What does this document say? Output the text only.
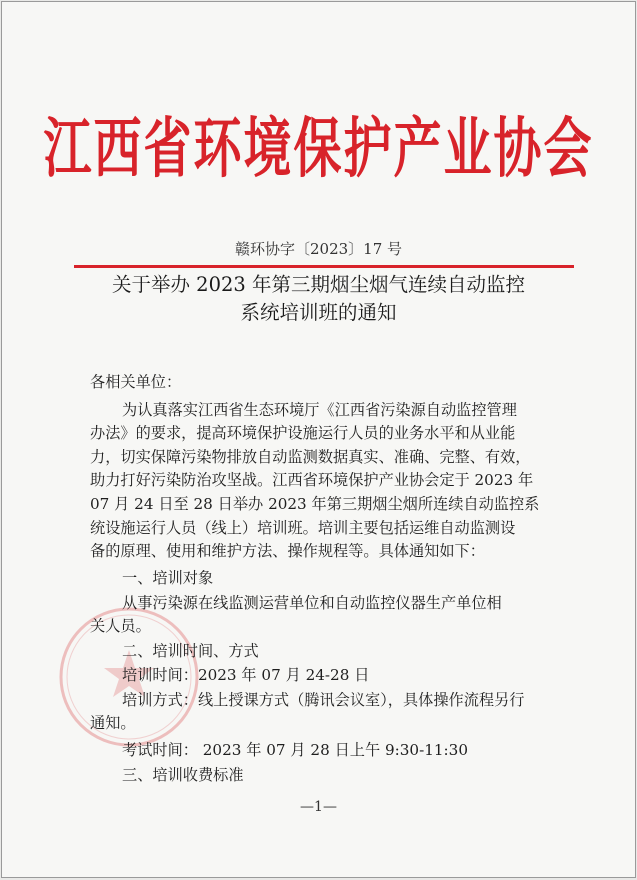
江西省环境保护产业协会
赣环协字〔2023〕17 号
关于举办 2023 年第三期烟尘烟气连续自动监控
系统培训班的通知
各相关单位：
为认真落实江西省生态环境厅《江西省污染源自动监控管理
办法》的要求，提高环境保护设施运行人员的业务水平和从业能
力，切实保障污染物排放自动监测数据真实、准确、完整、有效，
助力打好污染防治攻坚战。江西省环境保护产业协会定于 2023 年
07 月 24 日至 28 日举办 2023 年第三期烟尘烟所连续自动监控系
统设施运行人员（线上）培训班。培训主要包括运维自动监测设
备的原理、使用和维护方法、操作规程等。具体通知如下：
一、培训对象
从事污染源在线监测运营单位和自动监控仪器生产单位相
关人员。
二、培训时间、方式
培训时间：2023 年 07 月 24-28 日
培训方式：线上授课方式（腾讯会议室），具体操作流程另行
通知。
考试时间： 2023 年 07 月 28 日上午 9:30-11:30
三、培训收费标准
—1—
